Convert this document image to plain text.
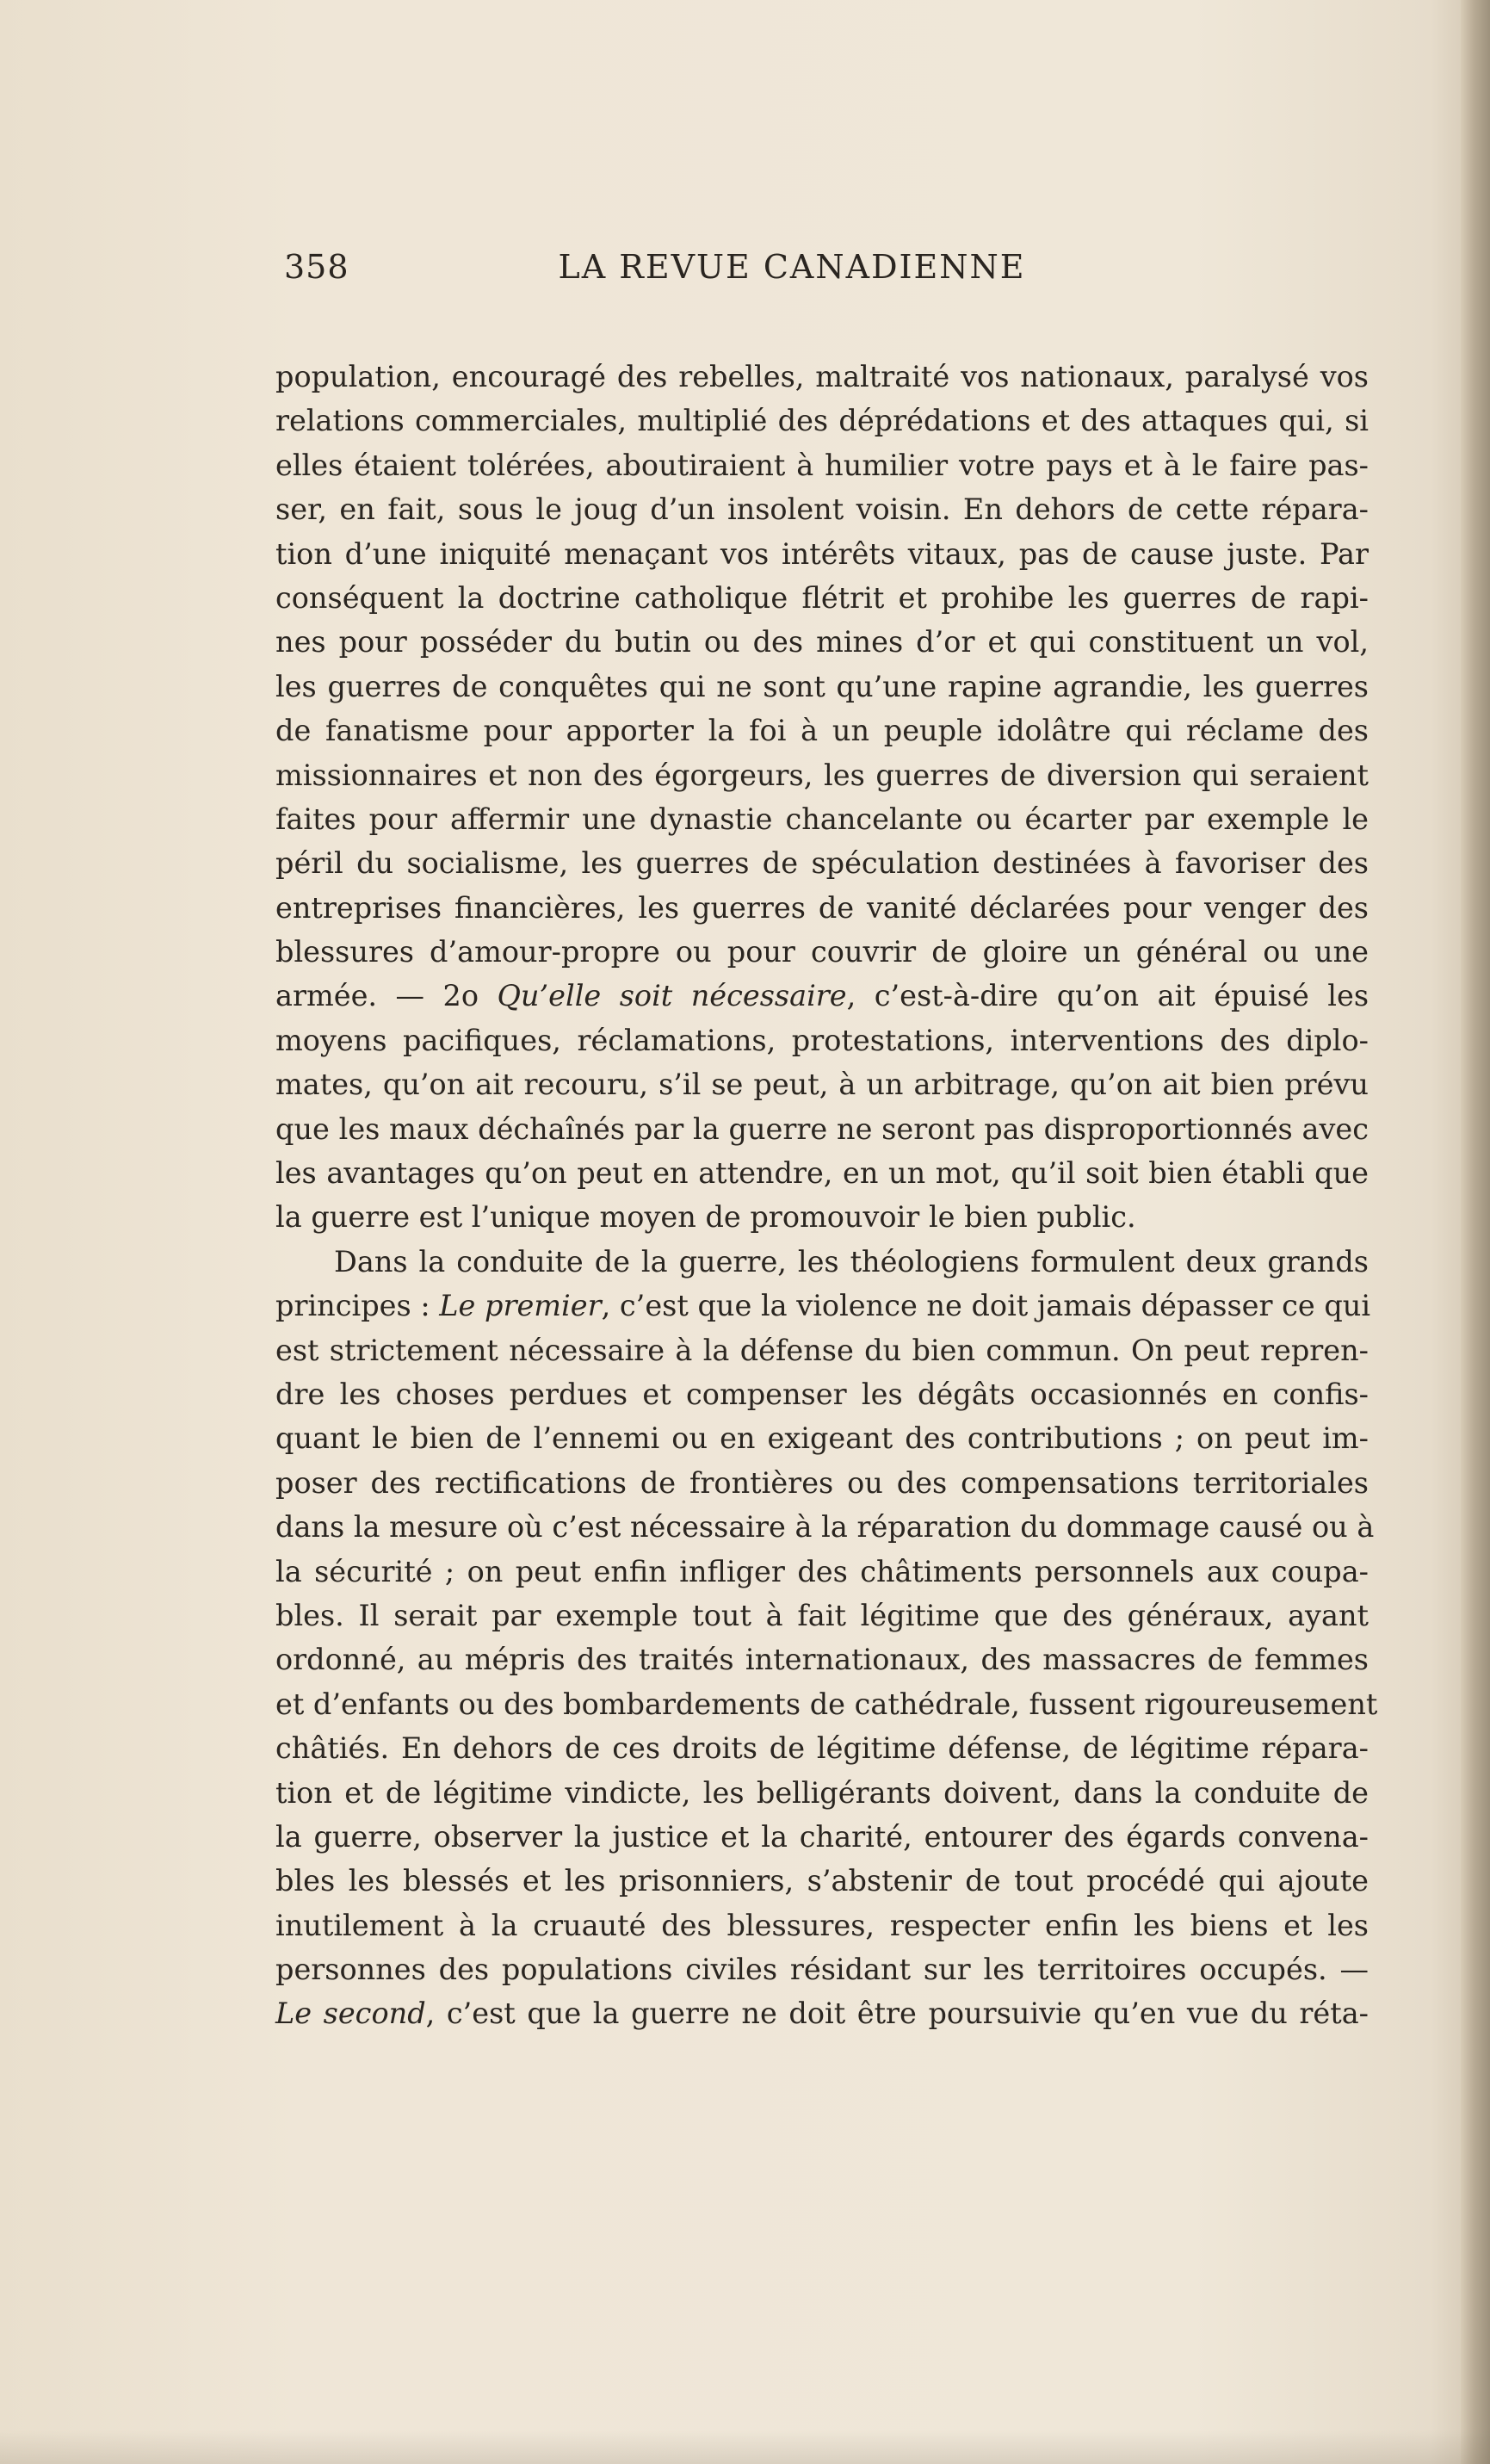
358	LA REVUE CANADIENNE
population, encouragé des rebelles, maltraité vos nationaux, paralysé vos
relations commerciales, multiplié des déprédations et des attaques qui, si
elles étaient tolérées, aboutiraient à humilier votre pays et à le faire pas-
ser, en fait, sous le joug d’un insolent voisin. En dehors de cette répara-
tion d’une iniquité menaçant vos intérêts vitaux, pas de cause juste. Par
conséquent la doctrine catholique flétrit et prohibe les guerres de rapi-
nes pour posséder du butin ou des mines d’or et qui constituent un vol,
les guerres de conquêtes qui ne sont qu’une rapine agrandie, les guerres
de fanatisme pour apporter la foi à un peuple idolâtre qui réclame des
missionnaires et non des égorgeurs, les guerres de diversion qui seraient
faites pour affermir une dynastie chancelante ou écarter par exemple le
péril du socialisme, les guerres de spéculation destinées à favoriser des
entreprises financières, les guerres de vanité déclarées pour venger des
blessures d’amour-propre ou pour couvrir de gloire un général ou une
armée. — 2o Qu’elle soit nécessaire, c’est-à-dire qu’on ait épuisé les
moyens pacifiques, réclamations, protestations, interventions des diplo-
mates, qu’on ait recouru, s’il se peut, à un arbitrage, qu’on ait bien prévu
que les maux déchaînés par la guerre ne seront pas disproportionnés avec
les avantages qu’on peut en attendre, en un mot, qu’il soit bien établi que
la guerre est l’unique moyen de promouvoir le bien public.
Dans la conduite de la guerre, les théologiens formulent deux grands
principes : Le premier, c’est que la violence ne doit jamais dépasser ce qui
est strictement nécessaire à la défense du bien commun. On peut repren-
dre les choses perdues et compenser les dégâts occasionnés en confis-
quant le bien de l’ennemi ou en exigeant des contributions ; on peut im-
poser des rectifications de frontières ou des compensations territoriales
dans la mesure où c’est nécessaire à la réparation du dommage causé ou à
la sécurité ; on peut enfin infliger des châtiments personnels aux coupa-
bles. Il serait par exemple tout à fait légitime que des généraux, ayant
ordonné, au mépris des traités internationaux, des massacres de femmes
et d’enfants ou des bombardements de cathédrale, fussent rigoureusement
châtiés. En dehors de ces droits de légitime défense, de légitime répara-
tion et de légitime vindicte, les belligérants doivent, dans la conduite de
la guerre, observer la justice et la charité, entourer des égards convena-
bles les blessés et les prisonniers, s’abstenir de tout procédé qui ajoute
inutilement à la cruauté des blessures, respecter enfin les biens et les
personnes des populations civiles résidant sur les territoires occupés. —
Le second, c’est que la guerre ne doit être poursuivie qu’en vue du réta-
